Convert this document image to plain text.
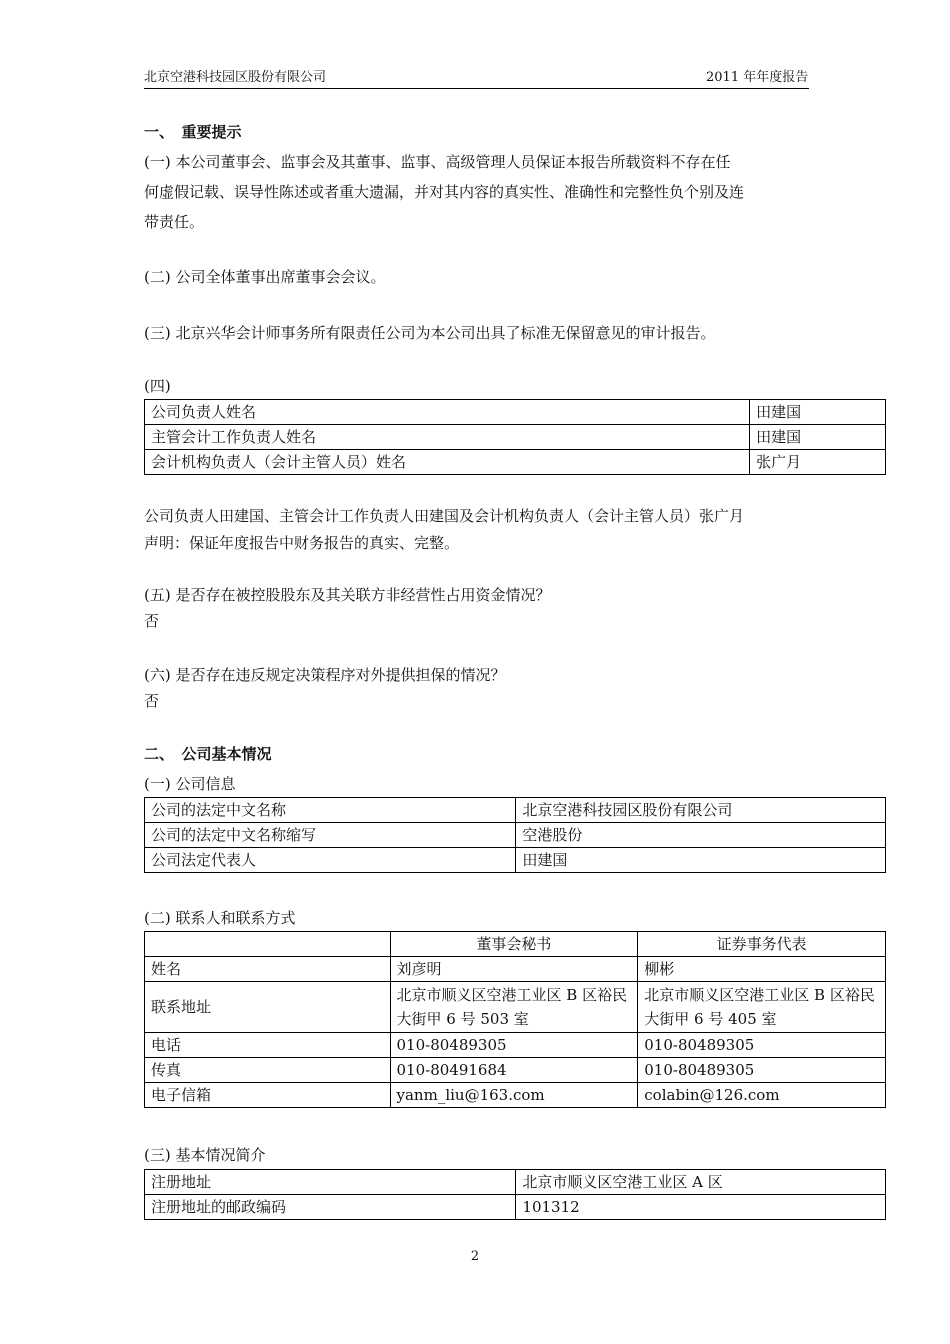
北京空港科技园区股份有限公司	2011 年年度报告
一、　重要提示
(一) 本公司董事会、监事会及其董事、监事、高级管理人员保证本报告所载资料不存在任
何虚假记载、误导性陈述或者重大遗漏，并对其内容的真实性、准确性和完整性负个别及连
带责任。
(二) 公司全体董事出席董事会会议。
(三) 北京兴华会计师事务所有限责任公司为本公司出具了标准无保留意见的审计报告。
(四)
公司负责人姓名	田建国
主管会计工作负责人姓名	田建国
会计机构负责人（会计主管人员）姓名	张广月
公司负责人田建国、主管会计工作负责人田建国及会计机构负责人（会计主管人员）张广月
声明：保证年度报告中财务报告的真实、完整。
(五) 是否存在被控股股东及其关联方非经营性占用资金情况？
否
(六) 是否存在违反规定决策程序对外提供担保的情况？
否
二、　公司基本情况
(一) 公司信息
公司的法定中文名称	北京空港科技园区股份有限公司
公司的法定中文名称缩写	空港股份
公司法定代表人	田建国
(二) 联系人和联系方式
	董事会秘书	证券事务代表
姓名	刘彦明	柳彬
联系地址	北京市顺义区空港工业区 B 区裕民大街甲 6 号 503 室	北京市顺义区空港工业区 B 区裕民大街甲 6 号 405 室
电话	010-80489305	010-80489305
传真	010-80491684	010-80489305
电子信箱	yanm_liu@163.com	colabin@126.com
(三) 基本情况简介
注册地址	北京市顺义区空港工业区 A 区
注册地址的邮政编码	101312
2
